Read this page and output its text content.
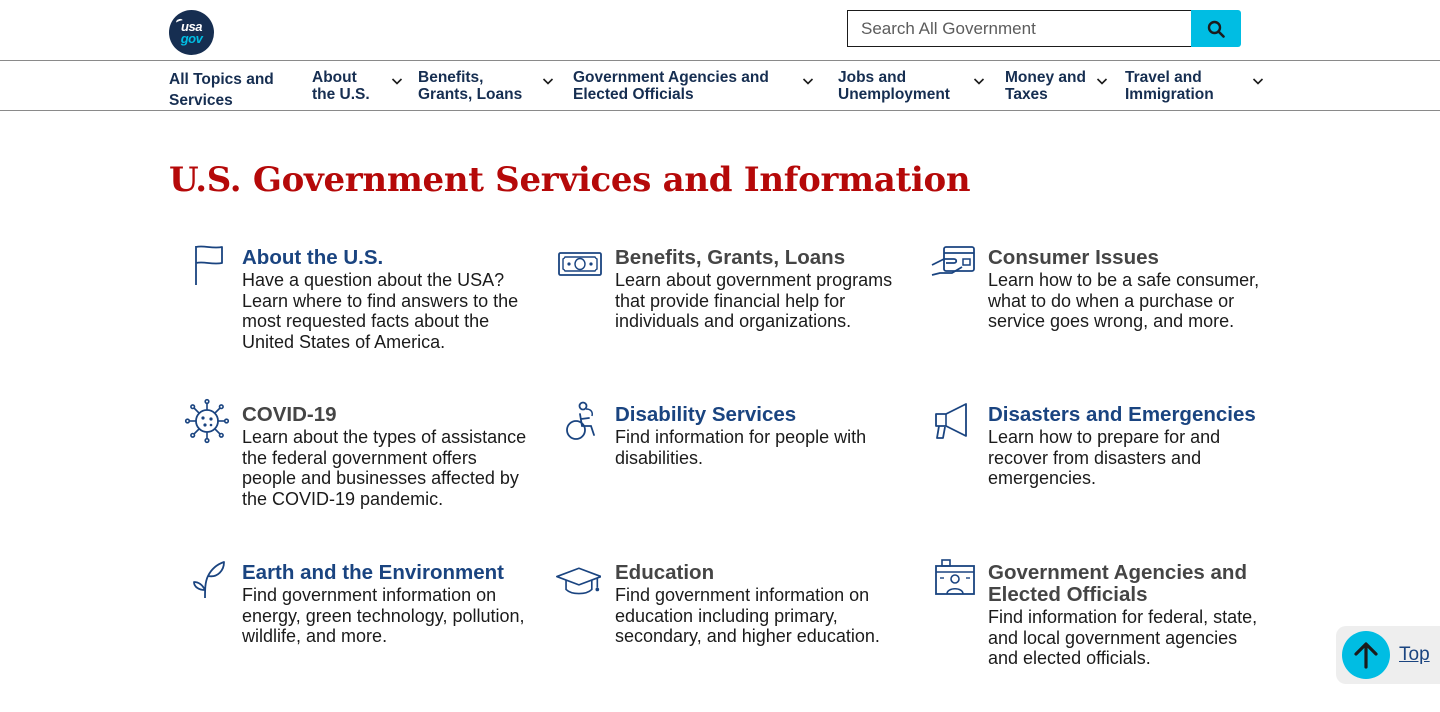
usa
gov
Search All Government
All Topics and Services
About the U.S.
Benefits, Grants, Loans
Government Agencies and Elected Officials
Jobs and Unemployment
Money and Taxes
Travel and Immigration
U.S. Government Services and Information
About the U.S.

Have a question about the USA? Learn where to find answers to the most requested facts about the United States of America.

Benefits, Grants, Loans

Learn about government programs that provide financial help for individuals and organizations.

Consumer Issues

Learn how to be a safe consumer, what to do when a purchase or service goes wrong, and more.

COVID-19

Learn about the types of assistance the federal government offers people and businesses affected by the COVID-19 pandemic.

Disability Services

Find information for people with disabilities.

Disasters and Emergencies

Learn how to prepare for and recover from disasters and emergencies.

Earth and the Environment

Find government information on energy, green technology, pollution, wildlife, and more.

Education

Find government information on education including primary, secondary, and higher education.

Government Agencies and Elected Officials

Find information for federal, state, and local government agencies and elected officials.	Top
